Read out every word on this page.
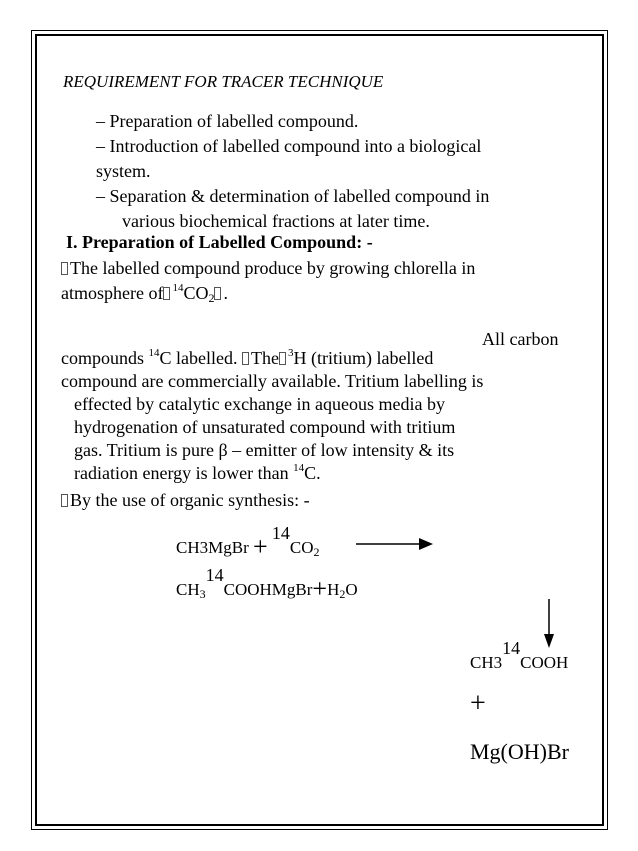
REQUIREMENT FOR TRACER TECHNIQUE
– Preparation of labelled compound.
– Introduction of labelled compound into a biological
system.
– Separation & determination of labelled compound in
various biochemical fractions at later time.
I. Preparation of Labelled Compound: -
The labelled compound produce by growing chlorella in
atmosphere of $^{14}$CO2 .
All carbon
compounds $^{14}$C labelled. The $^3$H (tritium) labelled
compound are commercially available. Tritium labelling is
effected by catalytic exchange in aqueous media by
hydrogenation of unsaturated compound with tritium
gas. Tritium is pure β – emitter of low intensity & its
radiation energy is lower than $^{14}$C.
By the use of organic synthesis: -
CH3MgBr + 14CO2
CH314COOHMgBr+H2O
CH314COOH
+
Mg(OH)Br
